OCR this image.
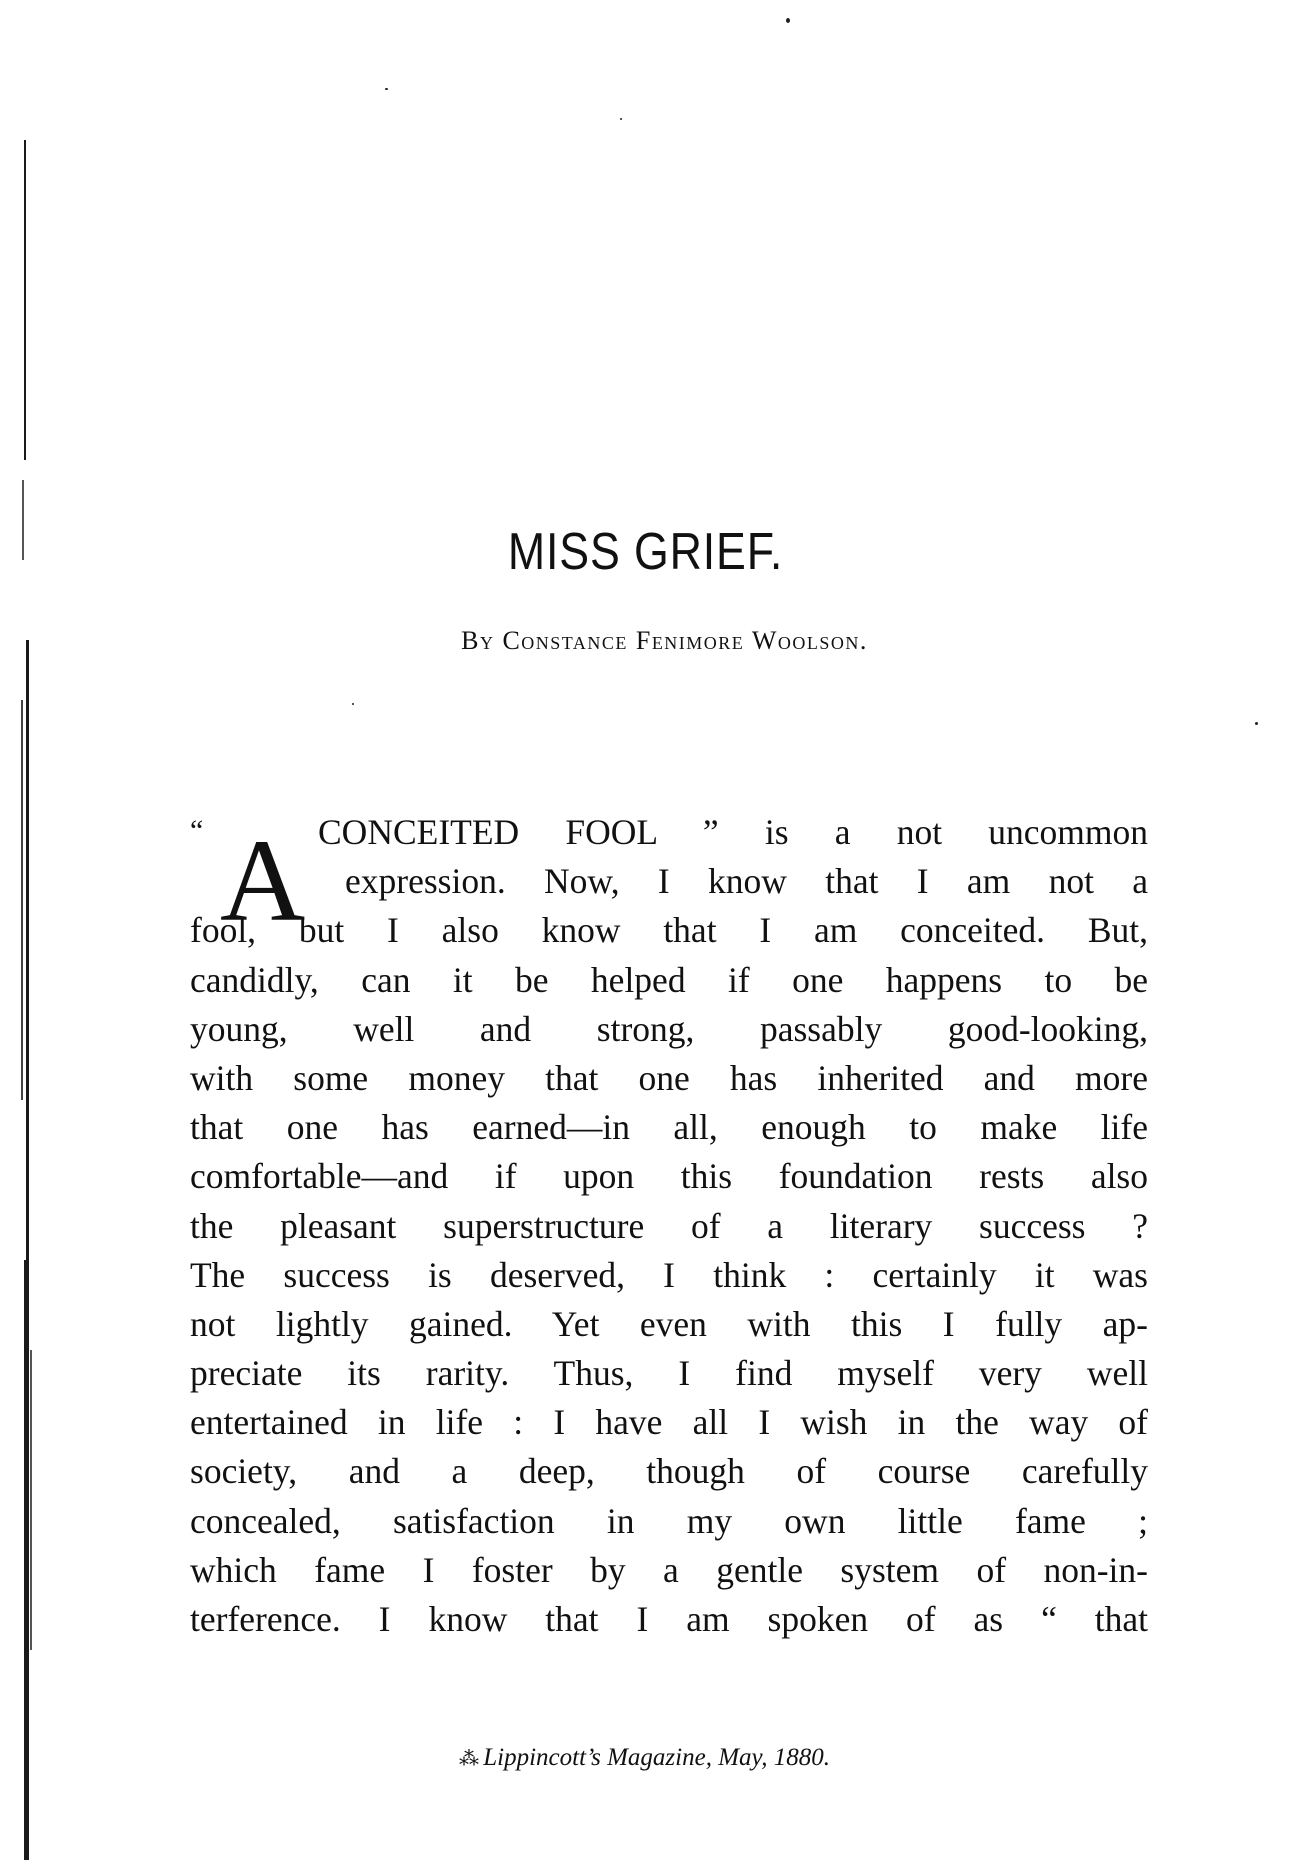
MISS GRIEF.
By Constance Fenimore Woolson.
“ A CONCEITED FOOL ” is a not uncommon
expression. Now, I know that I am not a
fool, but I also know that I am conceited. But,
candidly, can it be helped if one happens to be
young, well and strong, passably good-looking,
with some money that one has inherited and more
that one has earned—in all, enough to make life
comfortable—and if upon this foundation rests also
the pleasant superstructure of a literary success ?
The success is deserved, I think : certainly it was
not lightly gained. Yet even with this I fully ap-
preciate its rarity. Thus, I find myself very well
entertained in life : I have all I wish in the way of
society, and a deep, though of course carefully
concealed, satisfaction in my own little fame ;
which fame I foster by a gentle system of non-in-
terference. I know that I am spoken of as “ that
⁂ Lippincott’s Magazine, May, 1880.
